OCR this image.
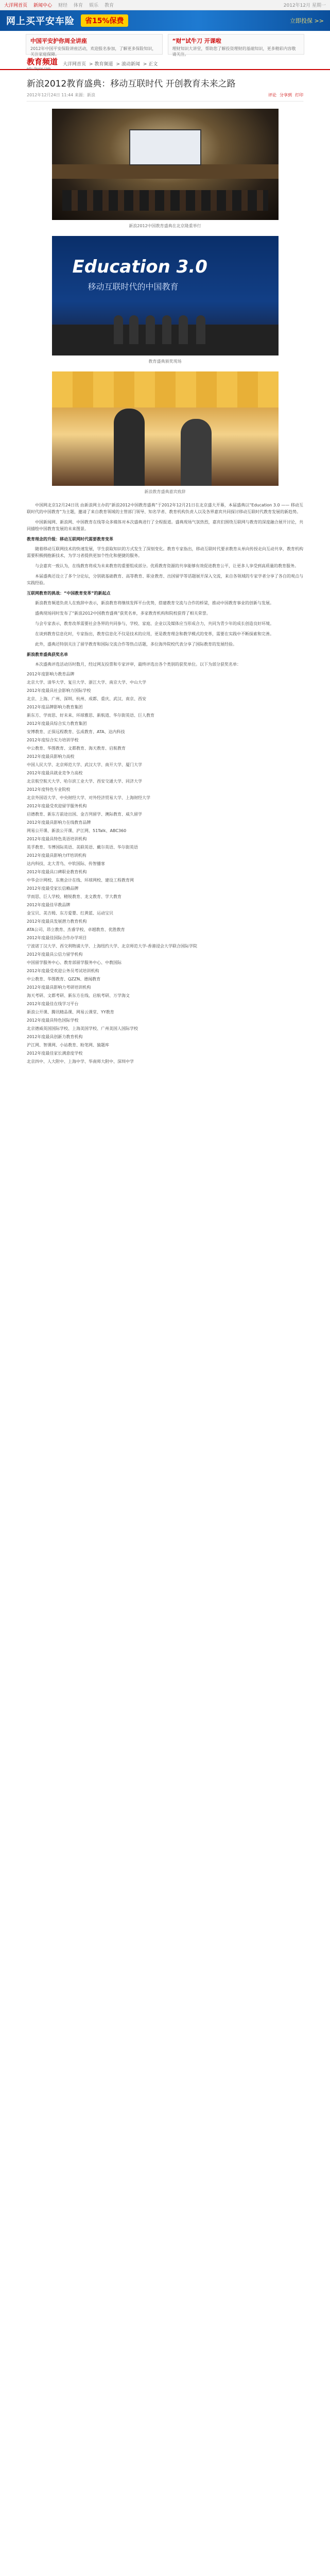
大洋网首页 新闻中心 财经 体育 娱乐 教育	2012年12月 星期一
网上买平安车险	省15%保费	立即投保 >>
中国平安护你周全讲座
2012年中国平安保险讲座活动，欢迎报名参加，了解更多保险知识，关注家庭保障。
“财”试牛刀 开课啦
理财知识大讲堂，帮助您了解投资理财的基础知识，更多精彩内容敬请关注。
教育频道
edu.dayoo.com
大洋网首页 > 教育频道 > 滚动新闻 > 正文
新浪2012教育盛典：移动互联时代 开创教育未来之路
2012年12月24日 11:44 来源：新浪	评论 分享到 打印
新浪2012中国教育盛典在北京隆重举行
Education 3.0
移动互联时代的中国教育
教育盛典颁奖现场
新浪教育盛典嘉宾致辞
中国网北京12月24日讯 由新浪网主办的“新浪2012中国教育盛典”于2012年12月21日在北京盛大开幕，本届盛典以“Education 3.0 —— 移动互联时代的中国教育”为主题，邀请了来自教育领域的主管部门领导、知名学者、教育机构负责人以及各界嘉宾共同探讨移动互联时代教育发展的新趋势。
中国新闻网、新浪网、中国教育在线等众多媒体对本次盛典进行了全程报道。盛典现场气氛热烈，嘉宾们围绕互联网与教育的深度融合展开讨论，共同描绘中国教育发展的未来图景。
教育理念的升级：移动互联网时代需要教育变革
随着移动互联网技术的快速发展，学生获取知识的方式发生了深刻变化。教育专家指出，移动互联时代要求教育从单向传授走向互动共享，教育机构需要积极拥抱新技术，为学习者提供更加个性化和便捷的服务。
与会嘉宾一致认为，在线教育将成为未来教育的重要组成部分。优质教育资源的共享能够有效促进教育公平，让更多人享受到高质量的教育服务。
本届盛典还设立了多个分论坛，分别就基础教育、高等教育、职业教育、出国留学等话题展开深入交流，来自各领域的专家学者分享了各自的观点与实践经验。
互联网教育的挑战：“中国教育变革”的新起点
新浪教育频道负责人在致辞中表示，新浪教育将继续发挥平台优势，搭建教育交流与合作的桥梁，推动中国教育事业的创新与发展。
盛典现场同时发布了“新浪2012中国教育盛典”获奖名单，多家教育机构和院校获得了相关荣誉。
与会专家表示，教育改革需要社会各界的共同参与，学校、家庭、企业以及媒体应当形成合力，共同为青少年的成长创造良好环境。
在谈到教育信息化时，专家指出，教育信息化不仅是技术的应用，更是教育理念和教学模式的变革，需要在实践中不断探索和完善。
此外，盛典还特别关注了留学教育和国际交流合作等热点话题，多位海外院校代表分享了国际教育的发展经验。
新浪教育盛典获奖名单
本次盛典评选活动历时数月，经过网友投票和专家评审，最终评选出各个类别的获奖单位。以下为部分获奖名单：
2012年度影响力教育品牌
北京大学、清华大学、复旦大学、浙江大学、南京大学、中山大学
2012年度最具社会影响力国际学校
北京、上海、广州、深圳、杭州、成都、重庆、武汉、南京、西安
2012年度品牌影响力教育集团
新东方、学而思、好未来、环球雅思、新航道、华尔街英语、巨人教育
2012年度最具综合实力教育集团
安博教育、正保远程教育、弘成教育、ATA、达内科技
2012年度综合实力培训学校
中公教育、华图教育、文都教育、海天教育、启航教育
2012年度最具影响力高校
中国人民大学、北京师范大学、武汉大学、南开大学、厦门大学
2012年度最具就业竞争力高校
北京航空航天大学、哈尔滨工业大学、西安交通大学、同济大学
2012年度特色专业院校
北京外国语大学、中央财经大学、对外经济贸易大学、上海财经大学
2012年度最受欢迎留学服务机构
启德教育、新东方前途出国、金吉列留学、澳际教育、威久留学
2012年度最具影响力在线教育品牌
网易公开课、新浪公开课、沪江网、51Talk、ABC360
2012年度最具特色英语培训机构
英孚教育、韦博国际英语、美联英语、戴尔英语、华尔街英语
2012年度最具影响力IT培训机构
达内科技、北大青鸟、中软国际、传智播客
2012年度最具口碑职业教育机构
中华会计网校、东奥会计在线、环球网校、建设工程教育网
2012年度最受家长信赖品牌
学而思、巨人学校、精锐教育、龙文教育、学大教育
2012年度最佳早教品牌
金宝贝、美吉姆、东方爱婴、红黄蓝、运动宝贝
2012年度最具发展潜力教育机构
ATA公司、昂立教育、杰睿学校、卓越教育、优胜教育
2012年度最佳国际合作办学项目
宁波诺丁汉大学、西交利物浦大学、上海纽约大学、北京师范大学-香港浸会大学联合国际学院
2012年度最具公信力留学机构
中国留学服务中心、教育部留学服务中心、中教国际
2012年度最受欢迎公务员考试培训机构
中公教育、华图教育、QZZN、德闻教育
2012年度最具影响力考研培训机构
海天考研、文都考研、新东方在线、启航考研、万学海文
2012年度最佳在线学习平台
新浪公开课、腾讯精品课、网易云课堂、YY教育
2012年度最具特色国际学校
北京德威英国国际学校、上海美国学校、广州美国人国际学校
2012年度最具创新力教育机构
沪江网、智课网、小站教育、粉笔网、猿题库
2012年度最佳家长满意度学校
北京四中、人大附中、上海中学、华南师大附中、深圳中学
